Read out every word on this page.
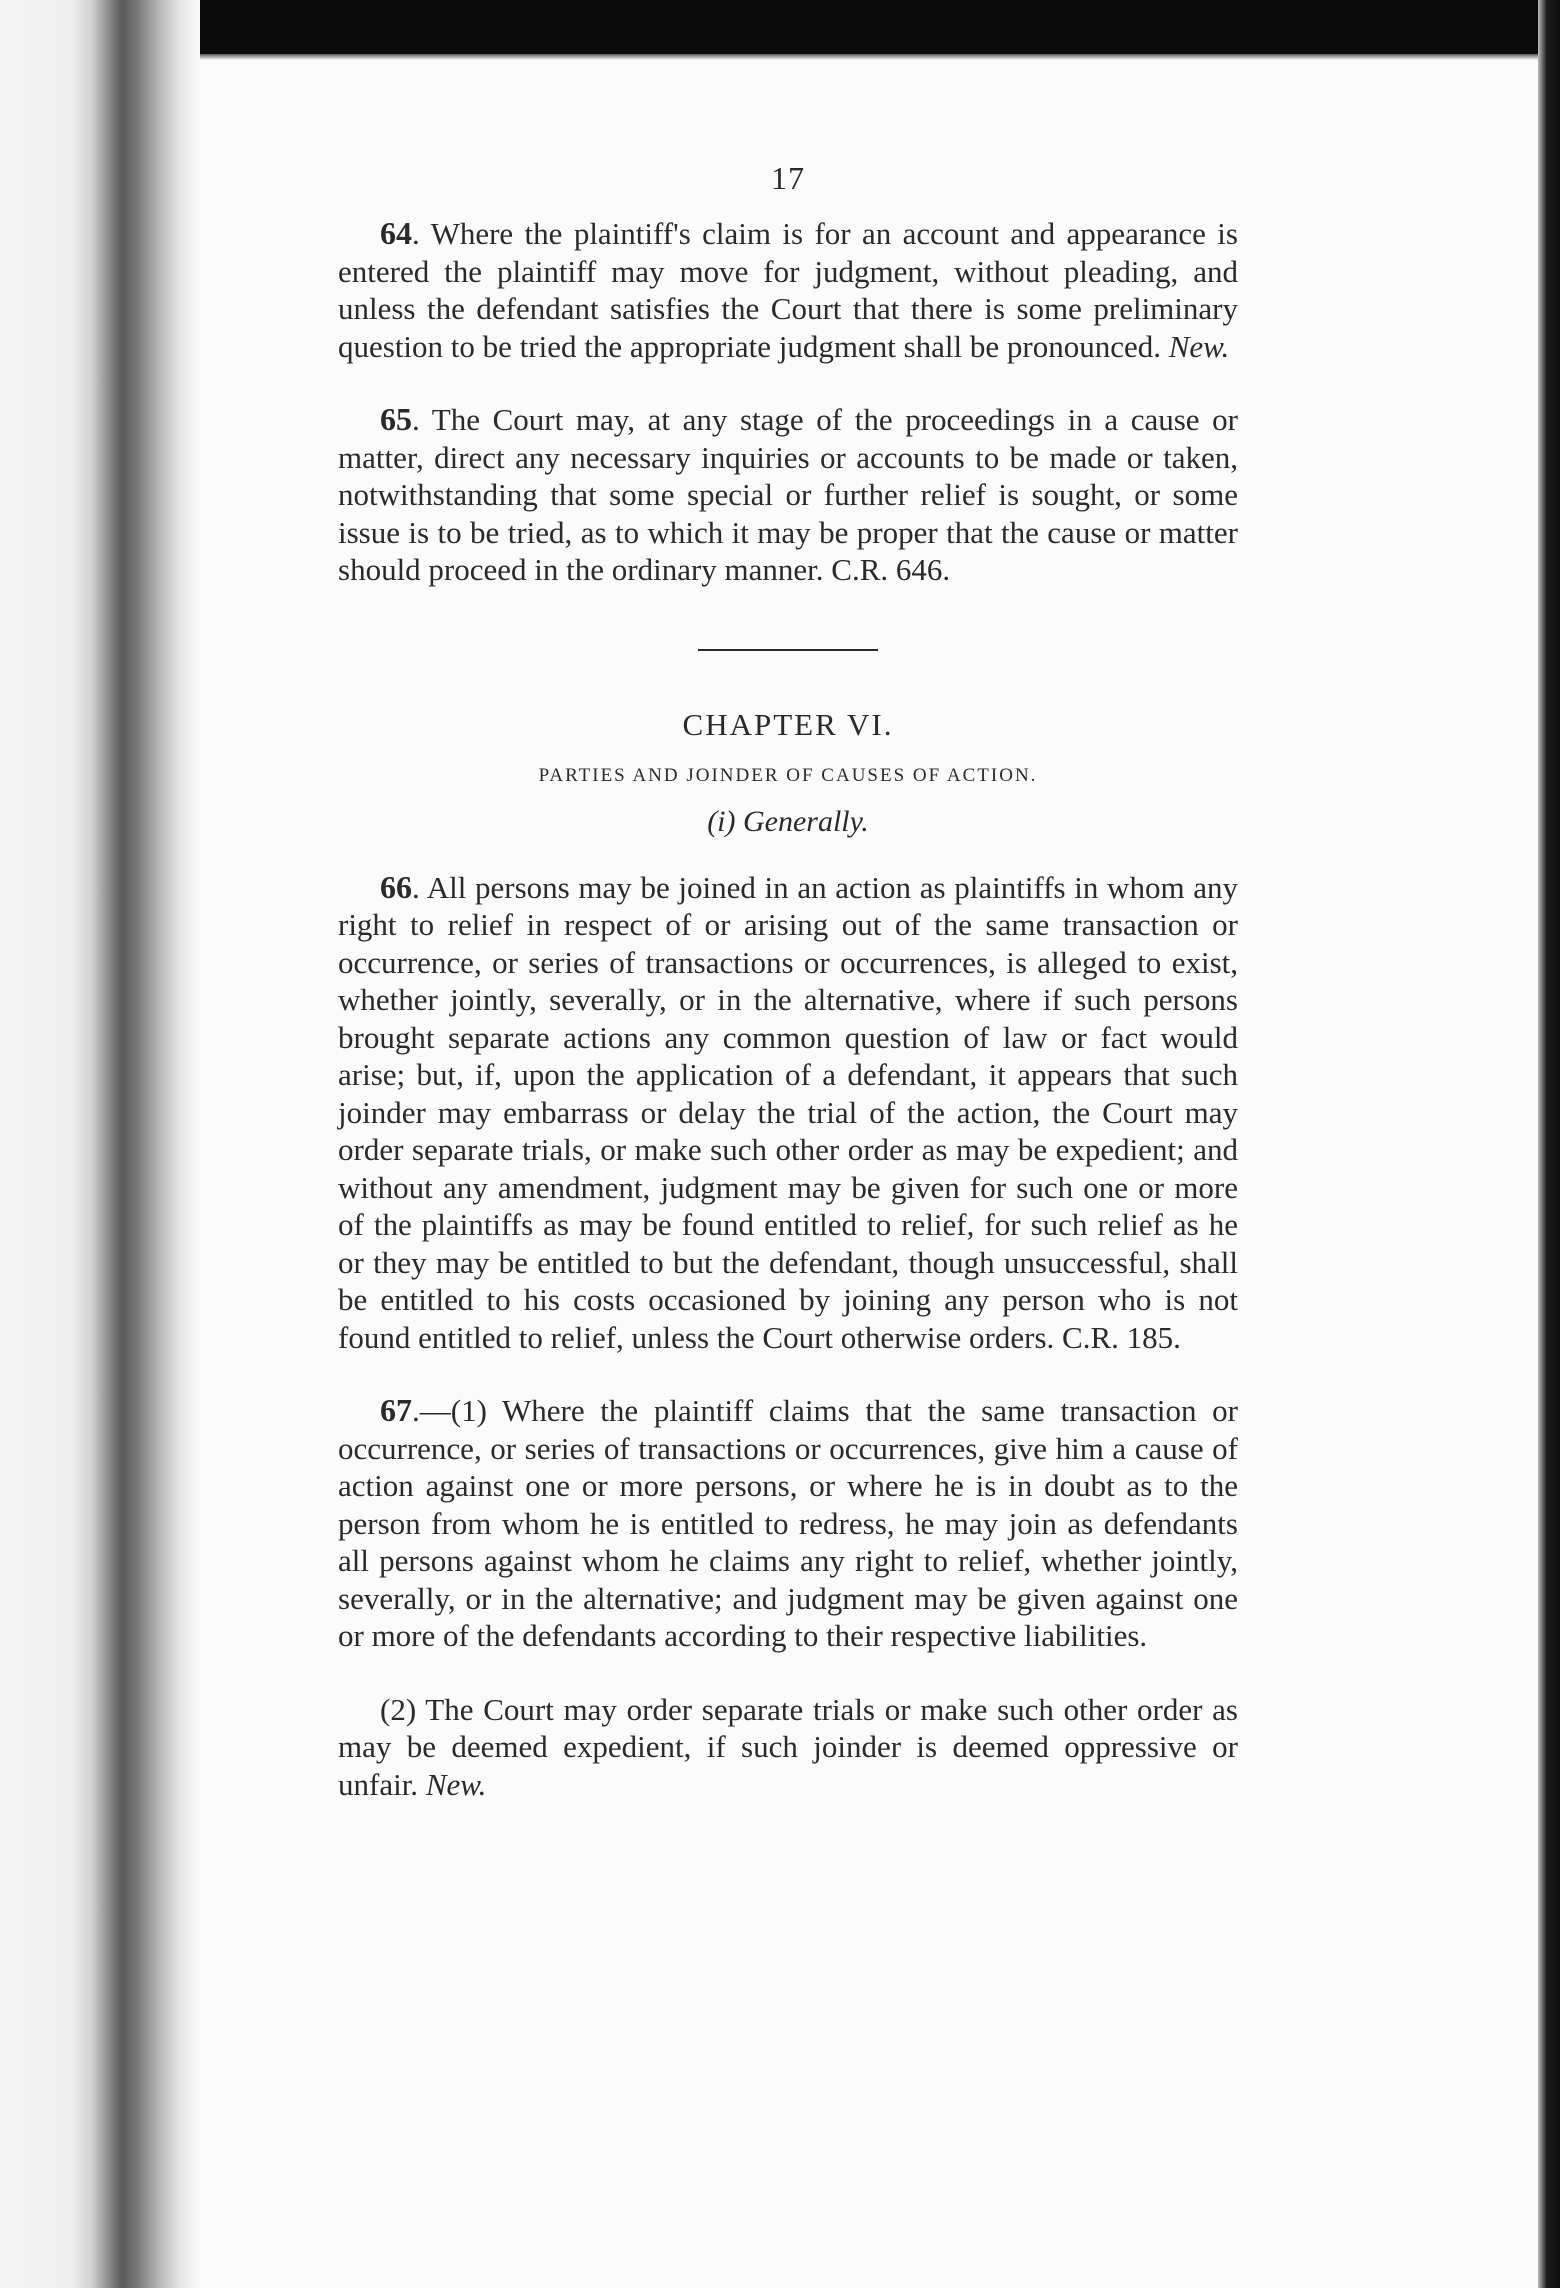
17

64. Where the plaintiff's claim is for an account and appearance is entered the plaintiff may move for judgment, without pleading, and unless the defendant satisfies the Court that there is some preliminary question to be tried the appropriate judgment shall be pronounced. New.

65. The Court may, at any stage of the proceedings in a cause or matter, direct any necessary inquiries or accounts to be made or taken, notwithstanding that some special or further relief is sought, or some issue is to be tried, as to which it may be proper that the cause or matter should proceed in the ordinary manner. C.R. 646.

CHAPTER VI.
PARTIES AND JOINDER OF CAUSES OF ACTION.
(i) Generally.

66. All persons may be joined in an action as plaintiffs in whom any right to relief in respect of or arising out of the same transaction or occurrence, or series of transactions or occurrences, is alleged to exist, whether jointly, severally, or in the alternative, where if such persons brought separate actions any common question of law or fact would arise; but, if, upon the application of a defendant, it appears that such joinder may embarrass or delay the trial of the action, the Court may order separate trials, or make such other order as may be expedient; and without any amendment, judgment may be given for such one or more of the plaintiffs as may be found entitled to relief, for such relief as he or they may be entitled to but the defendant, though unsuccessful, shall be entitled to his costs occasioned by joining any person who is not found entitled to relief, unless the Court otherwise orders. C.R. 185.

67.—(1) Where the plaintiff claims that the same transaction or occurrence, or series of transactions or occurrences, give him a cause of action against one or more persons, or where he is in doubt as to the person from whom he is entitled to redress, he may join as defendants all persons against whom he claims any right to relief, whether jointly, severally, or in the alternative; and judgment may be given against one or more of the defendants according to their respective liabilities.

(2) The Court may order separate trials or make such other order as may be deemed expedient, if such joinder is deemed oppressive or unfair. New.
